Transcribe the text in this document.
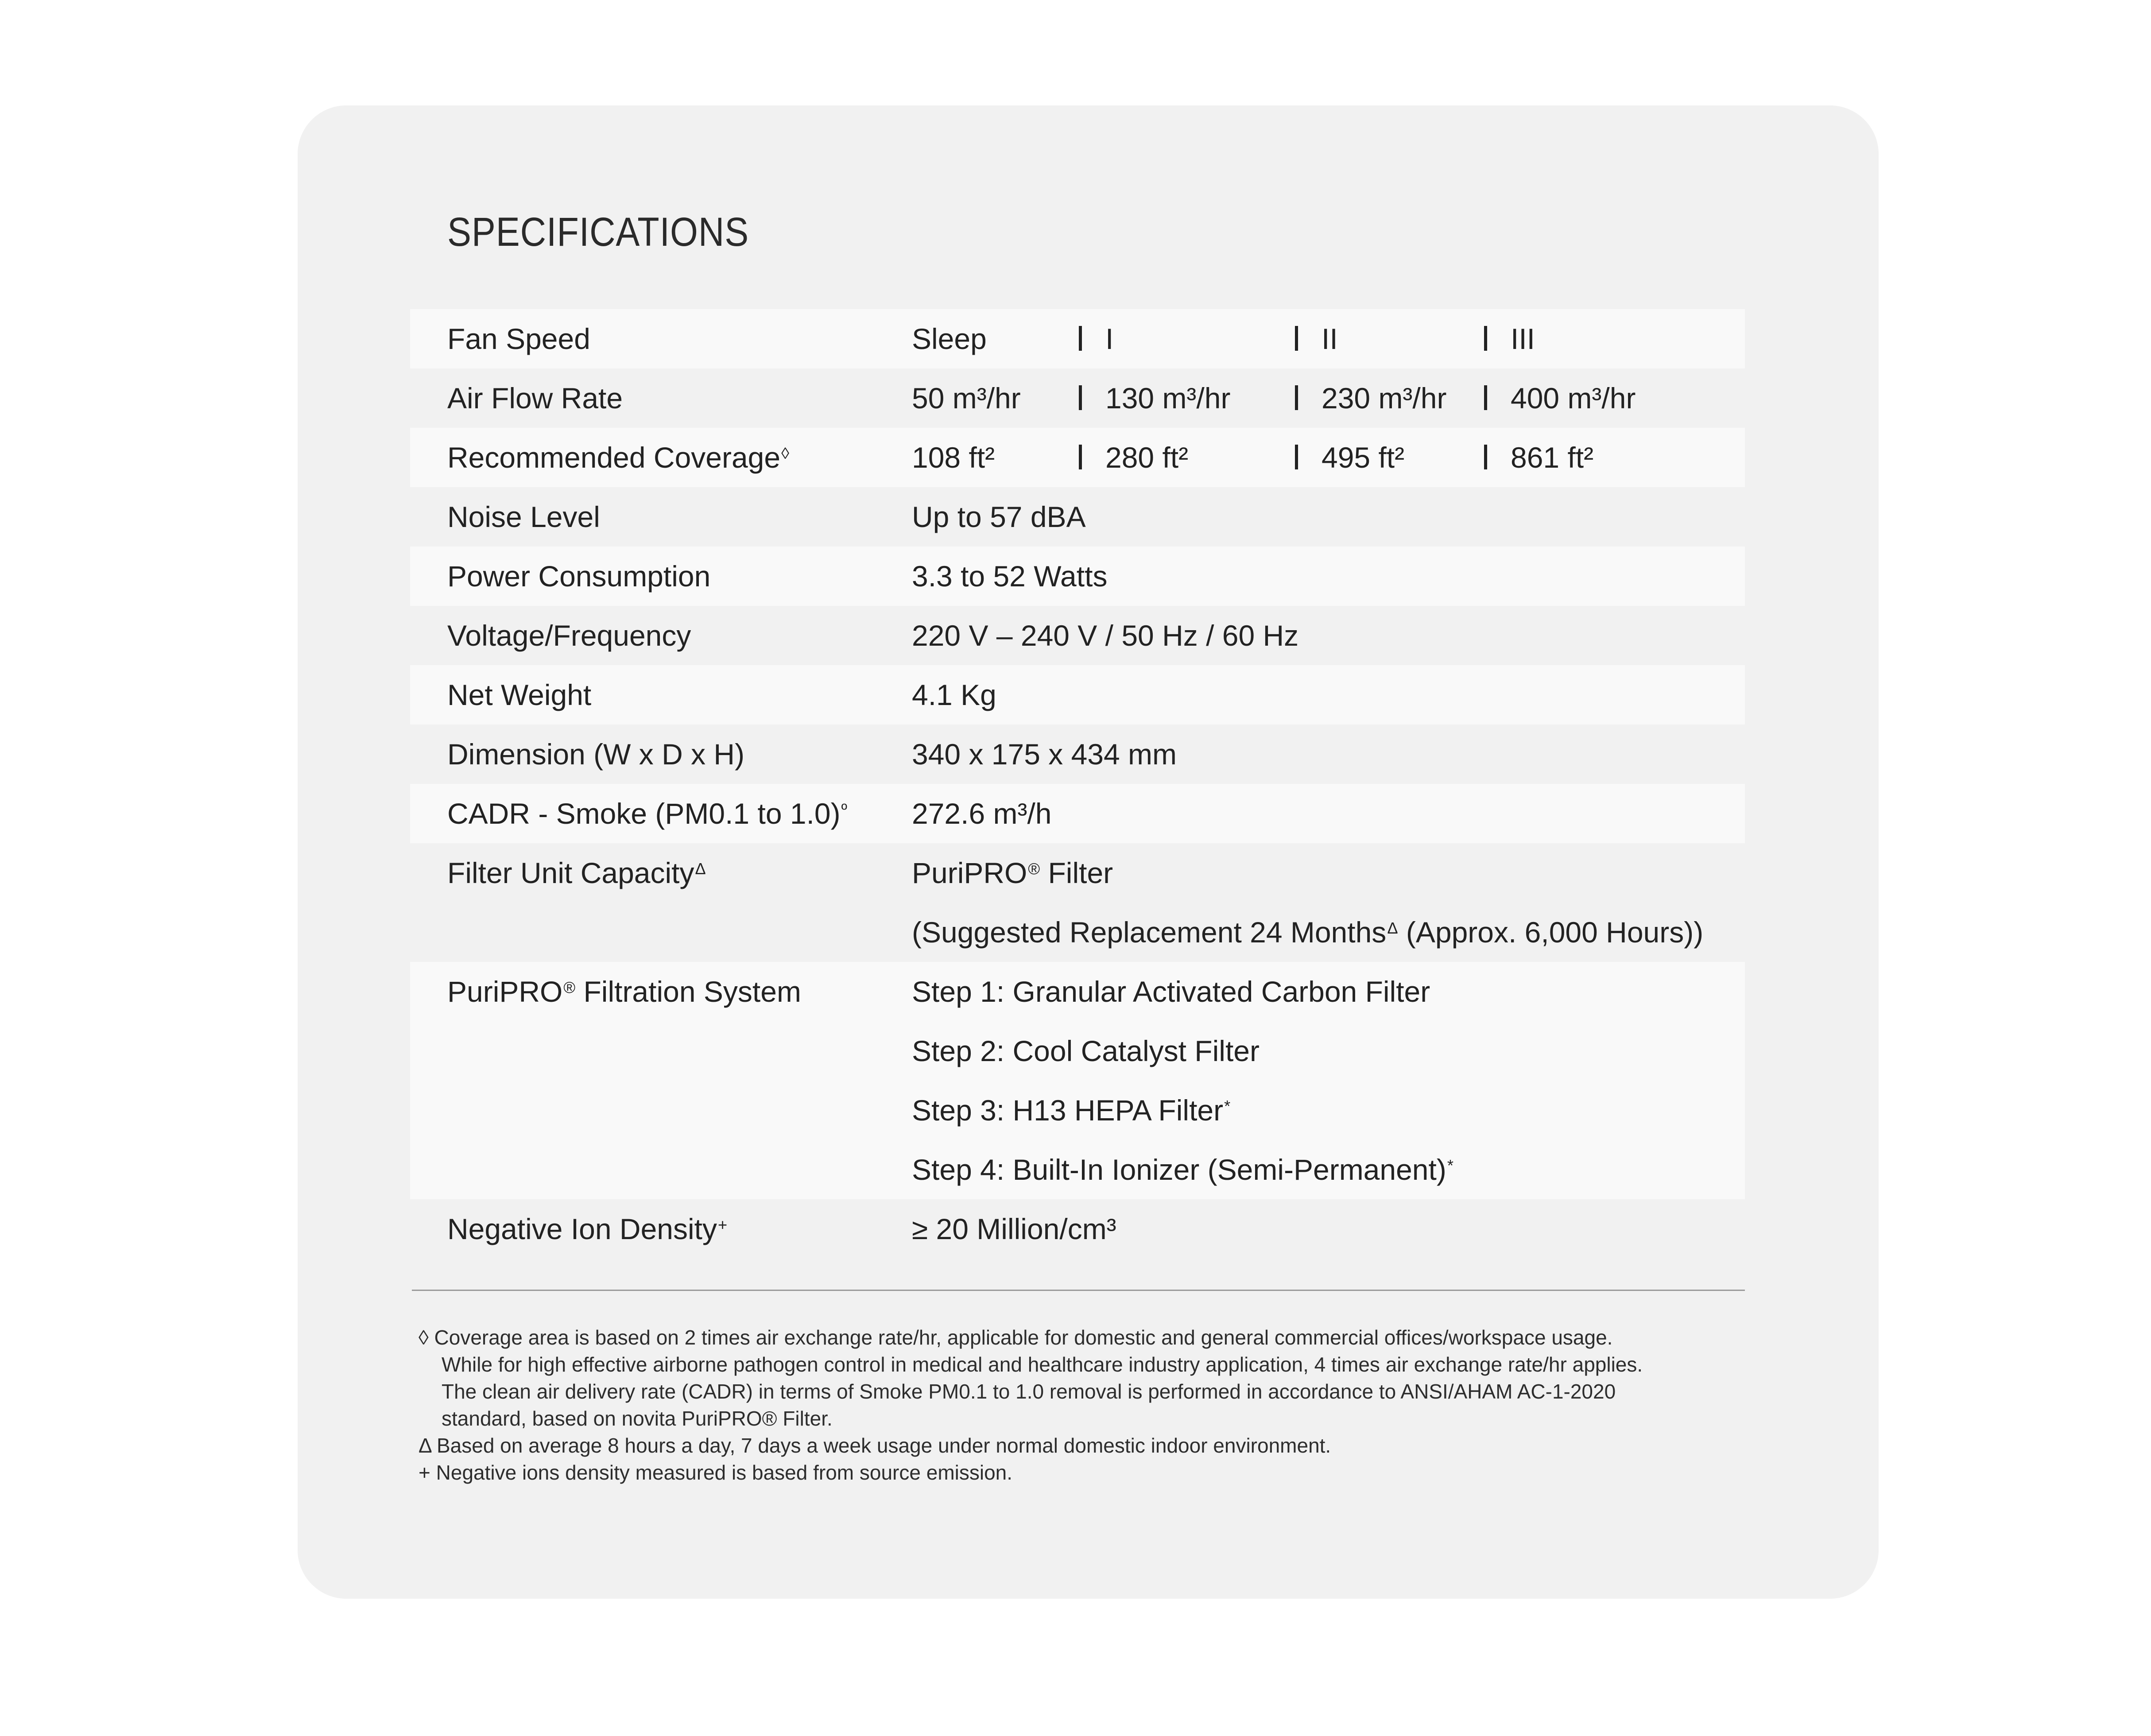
SPECIFICATIONS
Fan Speed	Sleep	I	II	III
Air Flow Rate	50 m³/hr	130 m³/hr	230 m³/hr 400 m³/hr
Recommended Coverage◊	108 ft²	280 ft²	495 ft²	861 ft²
Noise Level	Up to 57 dBA
Power Consumption	3.3 to 52 Watts
Voltage/Frequency	220 V – 240 V / 50 Hz / 60 Hz
Net Weight	4.1 Kg
Dimension (W x D x H)	340 x 175 x 434 mm
CADR - Smoke (PM0.1 to 1.0)$^º$ 272.6 m³/h
Filter Unit Capacity$^\Delta$	PuriPRO® Filter
(Suggested Replacement 24 Months$^\Delta$ (Approx. 6,000 Hours))
PuriPRO® Filtration System	Step 1: Granular Activated Carbon Filter
Step 2: Cool Catalyst Filter
Step 3: H13 HEPA Filter*
Step 4: Built-In Ionizer (Semi-Permanent)*
Negative Ion Density+	≥ 20 Million/cm³
◊ Coverage area is based on 2 times air exchange rate/hr, applicable for domestic and general commercial offices/workspace usage.
While for high effective airborne pathogen control in medical and healthcare industry application, 4 times air exchange rate/hr applies.
The clean air delivery rate (CADR) in terms of Smoke PM0.1 to 1.0 removal is performed in accordance to ANSI/AHAM AC-1-2020
standard, based on novita PuriPRO® Filter.
Δ Based on average 8 hours a day, 7 days a week usage under normal domestic indoor environment.
+ Negative ions density measured is based from source emission.
